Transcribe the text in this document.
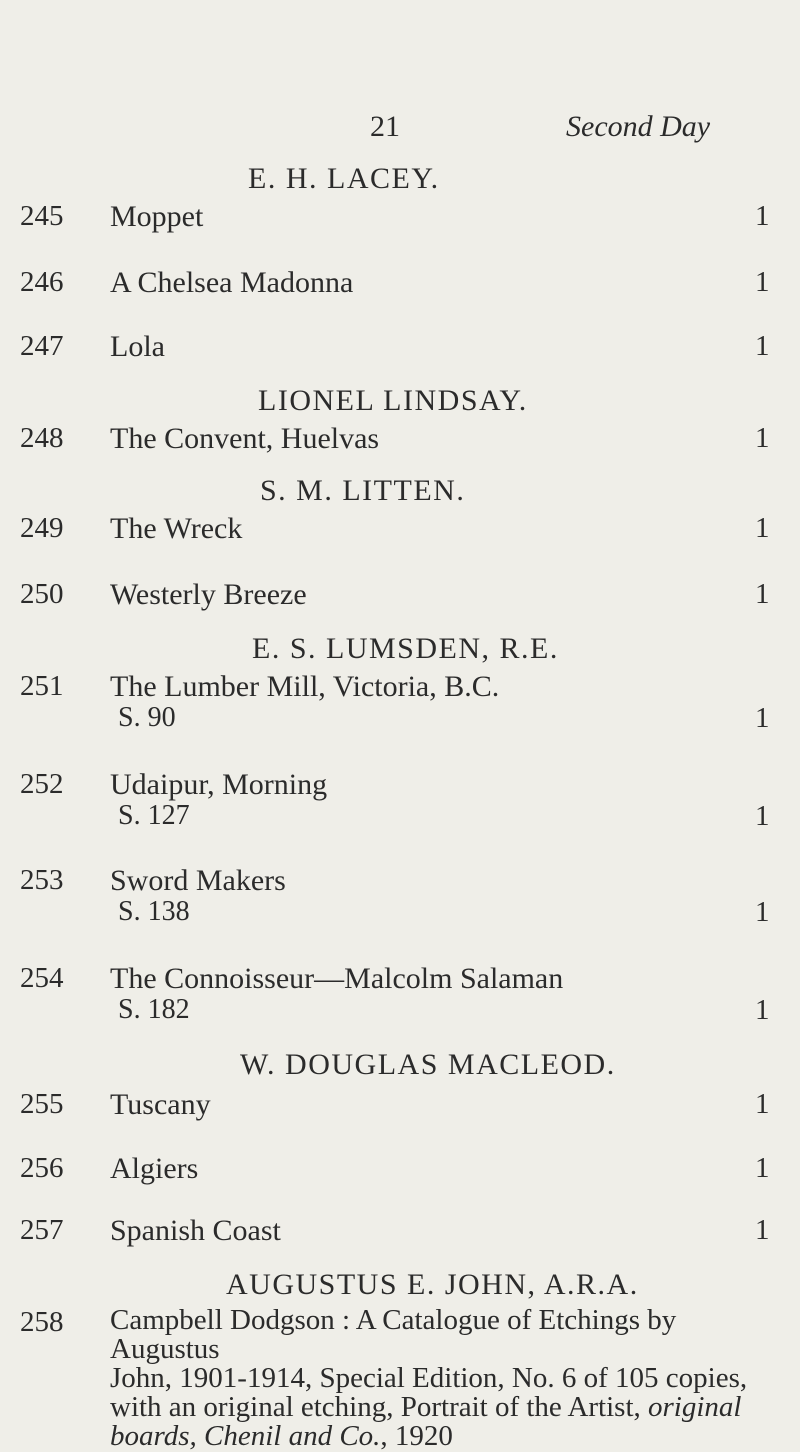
21	Second Day
E. H. LACEY.
245 Moppet	1
246 A Chelsea Madonna	1
247 Lola	1
LIONEL LINDSAY.
248 The Convent, Huelvas	1
S. M. LITTEN.
249 The Wreck	1
250 Westerly Breeze	1
E. S. LUMSDEN, R.E.
251 The Lumber Mill, Victoria, B.C.
S. 90	1
252 Udaipur, Morning
S. 127	1
253 Sword Makers
S. 138	1
254 The Connoisseur—Malcolm Salaman
S. 182	1
W. DOUGLAS MACLEOD.
255 Tuscany	1
256 Algiers	1
257 Spanish Coast	1
AUGUSTUS E. JOHN, A.R.A.
258 Campbell Dodgson : A Catalogue of Etchings by Augustus
John, 1901-1914, Special Edition, No. 6 of 105 copies,
with an original etching, Portrait of the Artist, original
boards, Chenil and Co., 1920
